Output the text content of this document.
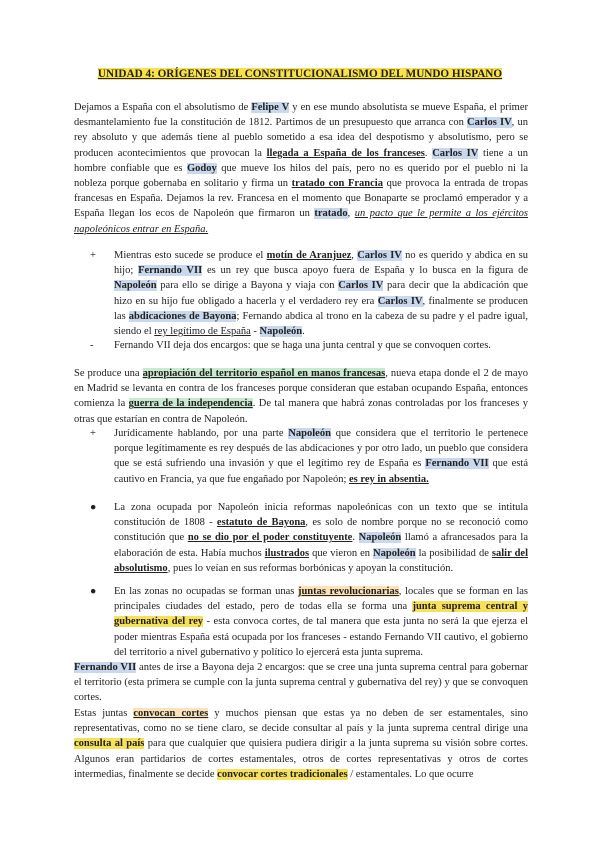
UNIDAD 4: ORÍGENES DEL CONSTITUCIONALISMO DEL MUNDO HISPANO

Dejamos a España con el absolutismo de Felipe V y en ese mundo absolutista se mueve España, el primer desmantelamiento fue la constitución de 1812. Partimos de un presupuesto que arranca con Carlos IV, un rey absoluto y que además tiene al pueblo sometido a esa idea del despotismo y absolutismo, pero se producen acontecimientos que provocan la llegada a España de los franceses. Carlos IV tiene a un hombre confiable que es Godoy que mueve los hilos del país, pero no es querido por el pueblo ni la nobleza porque gobernaba en solitario y firma un tratado con Francia que provoca la entrada de tropas francesas en España. Dejamos la rev. Francesa en el momento que Bonaparte se proclamó emperador y a España llegan los ecos de Napoleón que firmaron un tratado, un pacto que le permite a los ejércitos napoleónicos entrar en España.

+ Mientras esto sucede se produce el motín de Aranjuez, Carlos IV no es querido y abdica en su hijo; Fernando VII es un rey que busca apoyo fuera de España y lo busca en la figura de Napoleón para ello se dirige a Bayona y viaja con Carlos IV para decir que la abdicación que hizo en su hijo fue obligado a hacerla y el verdadero rey era Carlos IV, finalmente se producen las abdicaciones de Bayona; Fernando abdica al trono en la cabeza de su padre y el padre igual, siendo el rey legítimo de España - Napoleón.

- Fernando VII deja dos encargos: que se haga una junta central y que se convoquen cortes.

Se produce una apropiación del territorio español en manos francesas, nueva etapa donde el 2 de mayo en Madrid se levanta en contra de los franceses porque consideran que estaban ocupando España, entonces comienza la guerra de la independencia. De tal manera que habrá zonas controladas por los franceses y otras que estarían en contra de Napoleón.

+ Jurídicamente hablando, por una parte Napoleón que considera que el territorio le pertenece porque legítimamente es rey después de las abdicaciones y por otro lado, un pueblo que considera que se está sufriendo una invasión y que el legítimo rey de España es Fernando VII que está cautivo en Francia, ya que fue engañado por Napoleón; es rey in absentia.

● La zona ocupada por Napoleón inicia reformas napoleónicas con un texto que se intitula constitución de 1808 - estatuto de Bayona, es solo de nombre porque no se reconoció como constitución que no se dio por el poder constituyente. Napoleón llamó a afrancesados para la elaboración de esta. Había muchos ilustrados que vieron en Napoleón la posibilidad de salir del absolutismo, pues lo veían en sus reformas borbónicas y apoyan la constitución.

● En las zonas no ocupadas se forman unas juntas revolucionarias, locales que se forman en las principales ciudades del estado, pero de todas ella se forma una junta suprema central y gubernativa del rey - esta convoca cortes, de tal manera que esta junta no será la que ejerza el poder mientras España está ocupada por los franceses - estando Fernando VII cautivo, el gobierno del territorio a nivel gubernativo y político lo ejercerá esta junta suprema.

Fernando VII antes de irse a Bayona deja 2 encargos: que se cree una junta suprema central para gobernar el territorio (esta primera se cumple con la junta suprema central y gubernativa del rey) y que se convoquen cortes.

Estas juntas convocan cortes y muchos piensan que estas ya no deben de ser estamentales, sino representativas, como no se tiene claro, se decide consultar al país y la junta suprema central dirige una consulta al país para que cualquier que quisiera pudiera dirigir a la junta suprema su visión sobre cortes. Algunos eran partidarios de cortes estamentales, otros de cortes representativas y otros de cortes intermedias, finalmente se decide convocar cortes tradicionales / estamentales. Lo que ocurre
